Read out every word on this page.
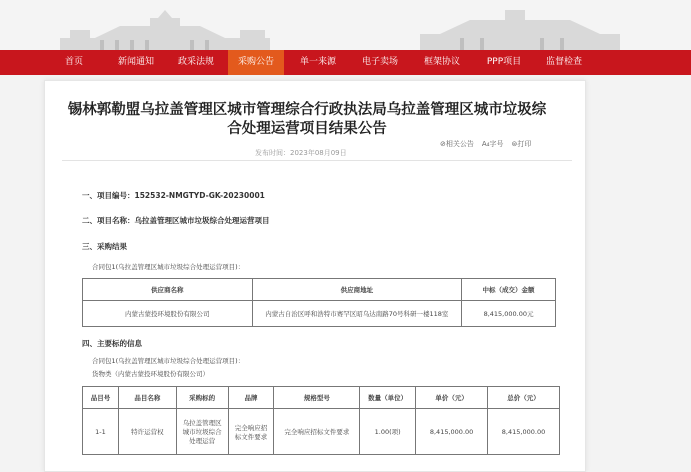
首页	新闻通知	政采法规	采购公告	单一来源	电子卖场	框架协议	PPP项目	监督检查
锡林郭勒盟乌拉盖管理区城市管理综合行政执法局乌拉盖管理区城市垃圾综
合处理运营项目结果公告
⊘相关公告 A₄字号 ⊜打印
发布时间：2023年08月09日
一、项目编号：152532-NMGTYD-GK-20230001
二、项目名称：乌拉盖管理区城市垃圾综合处理运营项目
三、采购结果
合同包1(乌拉盖管理区城市垃圾综合处理运营项目)：
供应商名称	供应商地址	中标（成交）金额
内蒙古蒙投环境股份有限公司	内蒙古自治区呼和浩特市赛罕区昭乌达南路70号科研一楼118室	8,415,000.00元
四、主要标的信息
合同包1(乌拉盖管理区城市垃圾综合处理运营项目)：
货物类（内蒙古蒙投环境股份有限公司）
品目号	品目名称	采购标的	品牌	规格型号	数量（单位）	单价（元）	总价（元）
1-1	特许运营权	乌拉盖管理区城市垃圾综合处理运营	完全响应招标文件要求	完全响应招标文件要求	1.00(项)	8,415,000.00	8,415,000.00
